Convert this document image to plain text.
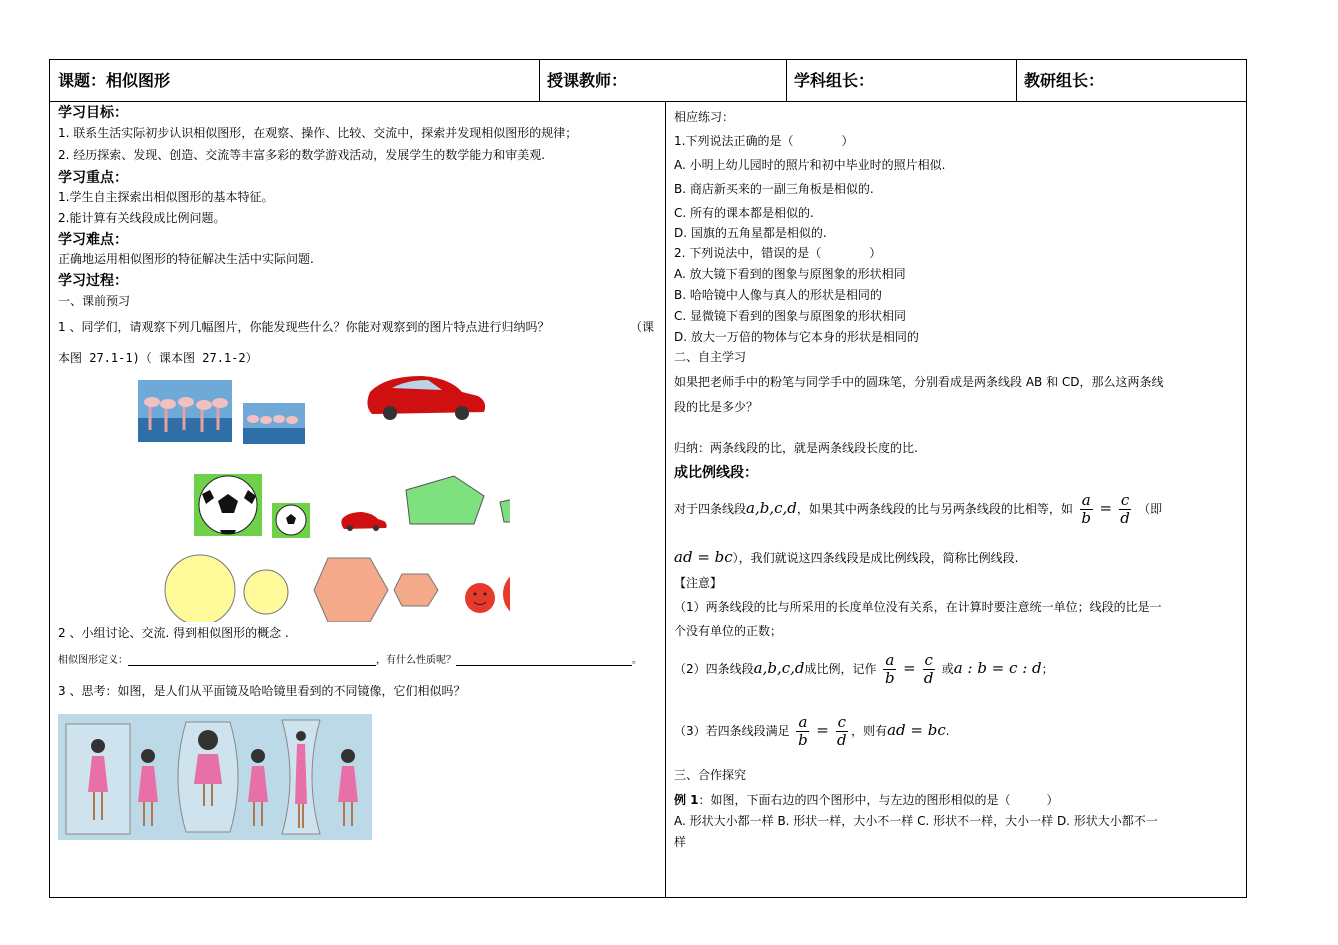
课题：相似图形	授课教师：	学科组长：	教研组长：
学习目标：
1. 联系生活实际初步认识相似图形，在观察、操作、比较、交流中，探索并发现相似图形的规律；
2. 经历探索、发现、创造、交流等丰富多彩的数学游戏活动，发展学生的数学能力和审美观.
学习重点：
1.学生自主探索出相似图形的基本特征。
2.能计算有关线段成比例问题。
学习难点：
正确地运用相似图形的特征解决生活中实际问题.
学习过程：
一、课前预习
1 、同学们，请观察下列几幅图片，你能发现些什么？你能对观察到的图片特点进行归纳吗？	（课
本图 27.1-1)（ 课本图 27.1-2）
2 、小组讨论、交流. 得到相似图形的概念 .
相似图形定义：	，有什么性质呢？	。
3 、思考：如图，是人们从平面镜及哈哈镜里看到的不同镜像，它们相似吗？
相应练习：
1.下列说法正确的是（　　　　）
A. 小明上幼儿园时的照片和初中毕业时的照片相似.
B. 商店新买来的一副三角板是相似的.
C. 所有的课本都是相似的.
D. 国旗的五角星都是相似的.
2. 下列说法中，错误的是（　　　　）
A. 放大镜下看到的图象与原图象的形状相同
B. 哈哈镜中人像与真人的形状是相同的
C. 显微镜下看到的图象与原图象的形状相同
D. 放大一万倍的物体与它本身的形状是相同的
二、自主学习
如果把老师手中的粉笔与同学手中的圆珠笔，分别看成是两条线段 AB 和 CD，那么这两条线
段的比是多少？
归纳：两条线段的比，就是两条线段长度的比.
成比例线段：
对于四条线段a,b,c,d，如果其中两条线段的比与另两条线段的比相等，如 $\frac{a}{b} = \frac{c}{d}$ （即
ad = bc），我们就说这四条线段是成比例线段，简称比例线段.
【注意】
（1）两条线段的比与所采用的长度单位没有关系，在计算时要注意统一单位；线段的比是一
个没有单位的正数；
（2）四条线段a,b,c,d成比例，记作 $\frac{a}{b} = \frac{c}{d}$ 或a : b = c : d；
（3）若四条线段满足 $\frac{a}{b} = \frac{c}{d}$ ，则有ad = bc.
三、合作探究
例 1：如图，下面右边的四个图形中，与左边的图形相似的是（　　　）
A. 形状大小都一样 B. 形状一样，大小不一样 C. 形状不一样，大小一样 D. 形状大小都不一
样
